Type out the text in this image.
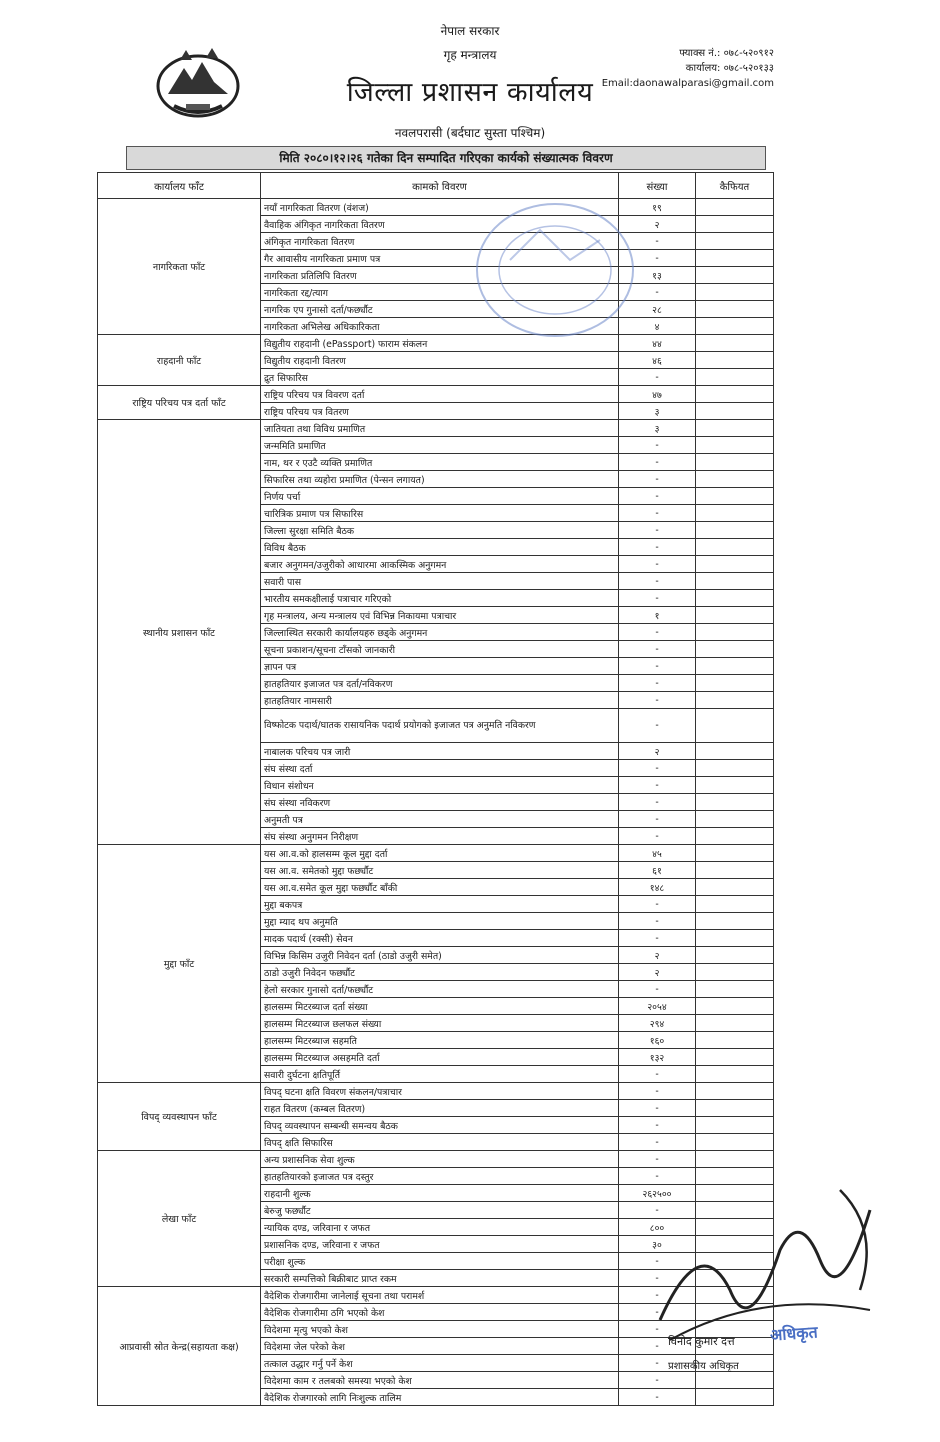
नेपाल सरकार
गृह मन्त्रालय
जिल्ला प्रशासन कार्यालय
नवलपरासी (बर्दघाट सुस्ता पश्चिम)
फ्याक्स नं.: ०७८-५२०९१२
कार्यालय: ०७८-५२०१३३
Email:daonawalparasi@gmail.com
मिति २०८०।१२।२६ गतेका दिन सम्पादित गरिएका कार्यको संख्यात्मक विवरण
कार्यालय फाँट	कामको विवरण	संख्या	कैफियत
नागरिकता फाँट	नयाँ नागरिकता वितरण (वंशज)	१९	
	वैवाहिक अंगिकृत नागरिकता वितरण	२	
	अंगिकृत नागरिकता वितरण	-	
	गैर आवासीय नागरिकता प्रमाण पत्र	-	
	नागरिकता प्रतिलिपि वितरण	१३	
	नागरिकता रद्द/त्याग	-	
	नागरिक एप गुनासो दर्ता/फर्छ्यौट	२८	
	नागरिकता अभिलेख अधिकारिकता	४	
राहदानी फाँट	विद्युतीय राहदानी (ePassport) फाराम संकलन	४४	
	विद्युतीय राहदानी वितरण	४६	
	द्रुत सिफारिस	-	
राष्ट्रिय परिचय पत्र दर्ता फाँट	राष्ट्रिय परिचय पत्र विवरण दर्ता	४७	
	राष्ट्रिय परिचय पत्र वितरण	३	
स्थानीय प्रशासन फाँट	जातियता तथा विविध प्रमाणित	३	
	जन्ममिति प्रमाणित	-	
	नाम, थर र एउटै व्यक्ति प्रमाणित	-	
	सिफारिस तथा व्यहोरा प्रमाणित (पेन्सन लगायत)	-	
	निर्णय पर्चा	-	
	चारित्रिक प्रमाण पत्र सिफारिस	-	
	जिल्ला सुरक्षा समिति बैठक	-	
	विविध बैठक	-	
	बजार अनुगमन/उजुरीको आधारमा आकस्मिक अनुगमन	-	
	सवारी पास	-	
	भारतीय समकक्षीलाई पत्राचार गरिएको	-	
	गृह मन्त्रालय, अन्य मन्त्रालय एवं विभिन्न निकायमा पत्राचार	१	
	जिल्लास्थित सरकारी कार्यालयहरु छड्के अनुगमन	-	
	सूचना प्रकाशन/सूचना टाँसको जानकारी	-	
	ज्ञापन पत्र	-	
	हातहतियार इजाजत पत्र दर्ता/नविकरण	-	
	हातहतियार नामसारी	-	
	विष्फोटक पदार्थ/घातक रासायनिक पदार्थ प्रयोगको इजाजत पत्र अनुमति नविकरण	-	
	नाबालक परिचय पत्र जारी	२	
	संघ संस्था दर्ता	-	
	विधान संशोधन	-	
	संघ संस्था नविकरण	-	
	अनुमती पत्र	-	
	संघ संस्था अनुगमन निरीक्षण	-	
मुद्दा फाँट	यस आ.व.को हालसम्म कूल मुद्दा दर्ता	४५	
	यस आ.व. समेतको मुद्दा फर्छ्यौट	६१	
	यस आ.व.समेत कूल मुद्दा फर्छ्यौट बाँकी	१४८	
	मुद्दा बकपत्र	-	
	मुद्दा म्याद थप अनुमति	-	
	मादक पदार्थ (रक्सी) सेवन	-	
	विभिन्न किसिम उजुरी निवेदन दर्ता (ठाडो उजुरी समेत)	२	
	ठाडो उजुरी निवेदन फर्छ्यौट	२	
	हेलो सरकार गुनासो दर्ता/फर्छ्यौट	-	
	हालसम्म मिटरब्याज दर्ता संख्या	२०५४	
	हालसम्म मिटरब्याज छलफल संख्या	२९४	
	हालसम्म मिटरब्याज सहमति	१६०	
	हालसम्म मिटरब्याज असहमति दर्ता	१३२	
	सवारी दुर्घटना क्षतिपूर्ति	-	
विपद् व्यवस्थापन फाँट	विपद् घटना क्षति विवरण संकलन/पत्राचार	-	
	राहत वितरण (कम्बल वितरण)	-	
	विपद् व्यवस्थापन सम्बन्धी समन्वय बैठक	-	
	विपद् क्षति सिफारिस	-	
लेखा फाँट	अन्य प्रशासनिक सेवा शुल्क	-	
	हातहतियारको इजाजत पत्र दस्तुर	-	
	राहदानी शुल्क	२६२५००	
	बेरुजु फर्छ्यौट	-	
	न्यायिक दण्ड, जरिवाना र जफत	८००	
	प्रशासनिक दण्ड, जरिवाना र जफत	३०	
	परीक्षा शुल्क	-	
	सरकारी सम्पत्तिको बिक्रीबाट प्राप्त रकम	-	
आप्रवासी स्रोत केन्द्र(सहायता कक्ष)	वैदेशिक रोजगारीमा जानेलाई सूचना तथा परामर्श	-	
	वैदेशिक रोजगारीमा ठगि भएको केश	-	
	विदेशमा मृत्यु भएको केश	-	
	विदेशमा जेल परेको केश	-	
	तत्काल उद्धार गर्नु पर्ने केश	-	
	विदेशमा काम र तलबको समस्या भएको केश	-	
	वैदेशिक रोजगारको लागि निःशुल्क तालिम	-	
विनोद कुमार दत्त
प्रशासकीय अधिकृत
अधिकृत
